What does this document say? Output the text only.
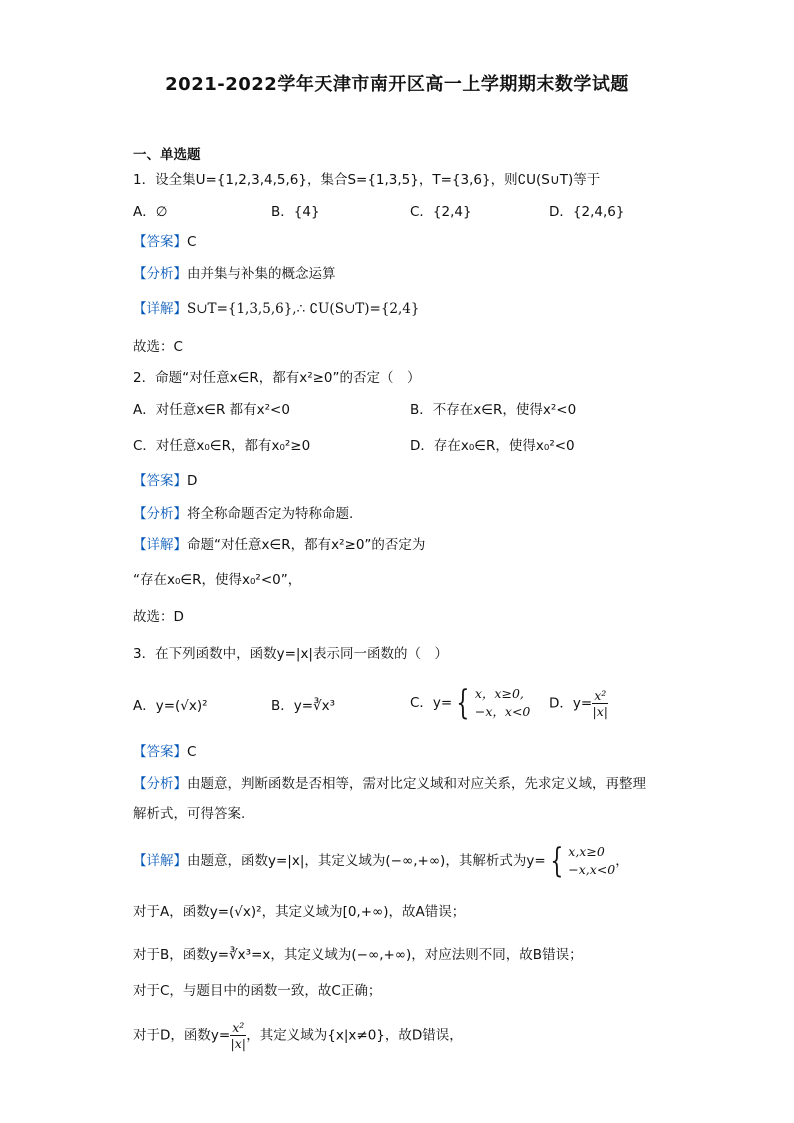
2021-2022学年天津市南开区高一上学期期末数学试题
一、单选题
1．设全集U={1,2,3,4,5,6}，集合S={1,3,5}，T={3,6}，则∁U(S∪T)等于
A．∅	B．{4}	C．{2,4}	D．{2,4,6}
【答案】C
【分析】由并集与补集的概念运算
【详解】S∪T={1,3,5,6},∴ ∁U(S∪T)={2,4}
故选：C
2．命题“对任意x∈R，都有x²≥0”的否定（　）
A．对任意x∈R 都有x²<0	B．不存在x∈R，使得x²<0
C．对任意x₀∈R，都有x₀²≥0	D．存在x₀∈R，使得x₀²<0
【答案】D
【分析】将全称命题否定为特称命题.
【详解】命题“对任意x∈R，都有x²≥0”的否定为
“存在x₀∈R，使得x₀²<0”，
故选：D
3．在下列函数中，函数y=|x|表示同一函数的（　）
A．y=(√x)²	B．y=∛x³	C．y= { x，x≥0,
−x，x<0 D．$y= \frac{\text{x²}}{|x|}$
【答案】C
【分析】由题意，判断函数是否相等，需对比定义域和对应关系，先求定义域，再整理
解析式，可得答案.
【详解】由题意，函数y=|x|，其定义域为(−∞,+∞)，其解析式为y= { x,x≥0
−x,x<0
，
对于A，函数y=(√x)²，其定义域为[0,+∞)，故A错误；
对于B，函数y=∛x³=x，其定义域为(−∞,+∞)，对应法则不同，故B错误；
对于C，与题目中的函数一致，故C正确；
对于D，函数$y= \frac{\text{x²}}{|x|}$ ，其定义域为{x|x≠0}，故D错误，
